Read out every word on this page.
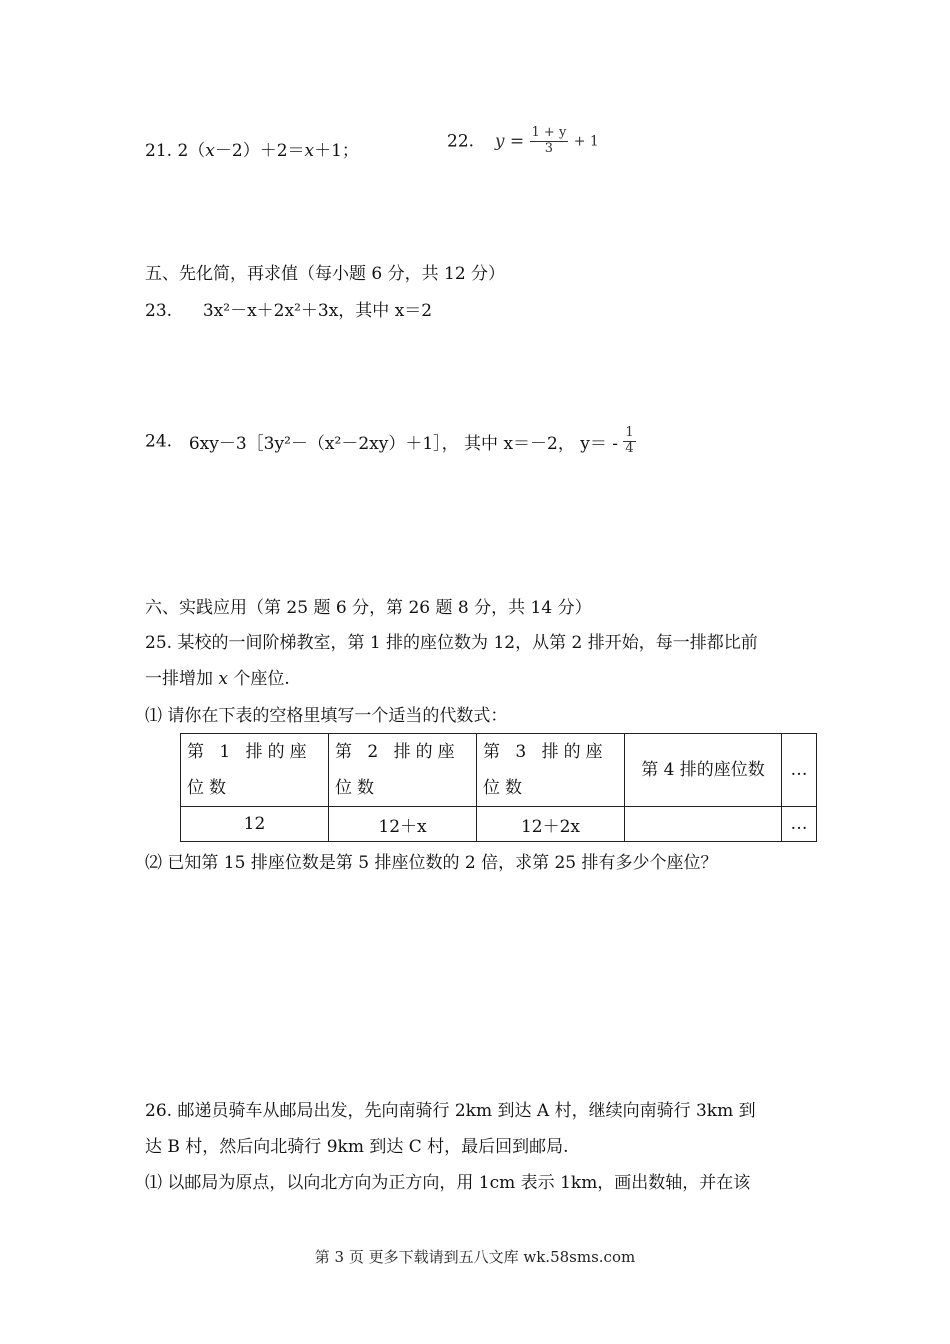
21. 2（x－2）＋2＝x＋1；	22. $y = \frac{1 + y}{3} + 1$
五、先化简，再求值（每小题 6 分，共 12 分）
23. 3x²－x＋2x²＋3x，其中 x＝2
24. 6xy－3［3y²－（x²－2xy）＋1］， 其中 x＝－2， $y= - \frac{1}{4}$
六、实践应用（第 25 题 6 分，第 26 题 8 分，共 14 分）
25. 某校的一间阶梯教室，第 1 排的座位数为 12，从第 2 排开始，每一排都比前
一排增加 x 个座位.
⑴ 请你在下表的空格里填写一个适当的代数式：
第 1 排的座位数	第 2 排的座位数	第 3 排的座位数	第 4 排的座位数	…
12	12＋x	12＋2x		…
⑵ 已知第 15 排座位数是第 5 排座位数的 2 倍，求第 25 排有多少个座位？
26. 邮递员骑车从邮局出发，先向南骑行 2km 到达 A 村，继续向南骑行 3km 到
达 B 村，然后向北骑行 9km 到达 C 村，最后回到邮局.
⑴ 以邮局为原点，以向北方向为正方向，用 1cm 表示 1km，画出数轴，并在该
第 3 页 更多下载请到五八文库 wk.58sms.com
